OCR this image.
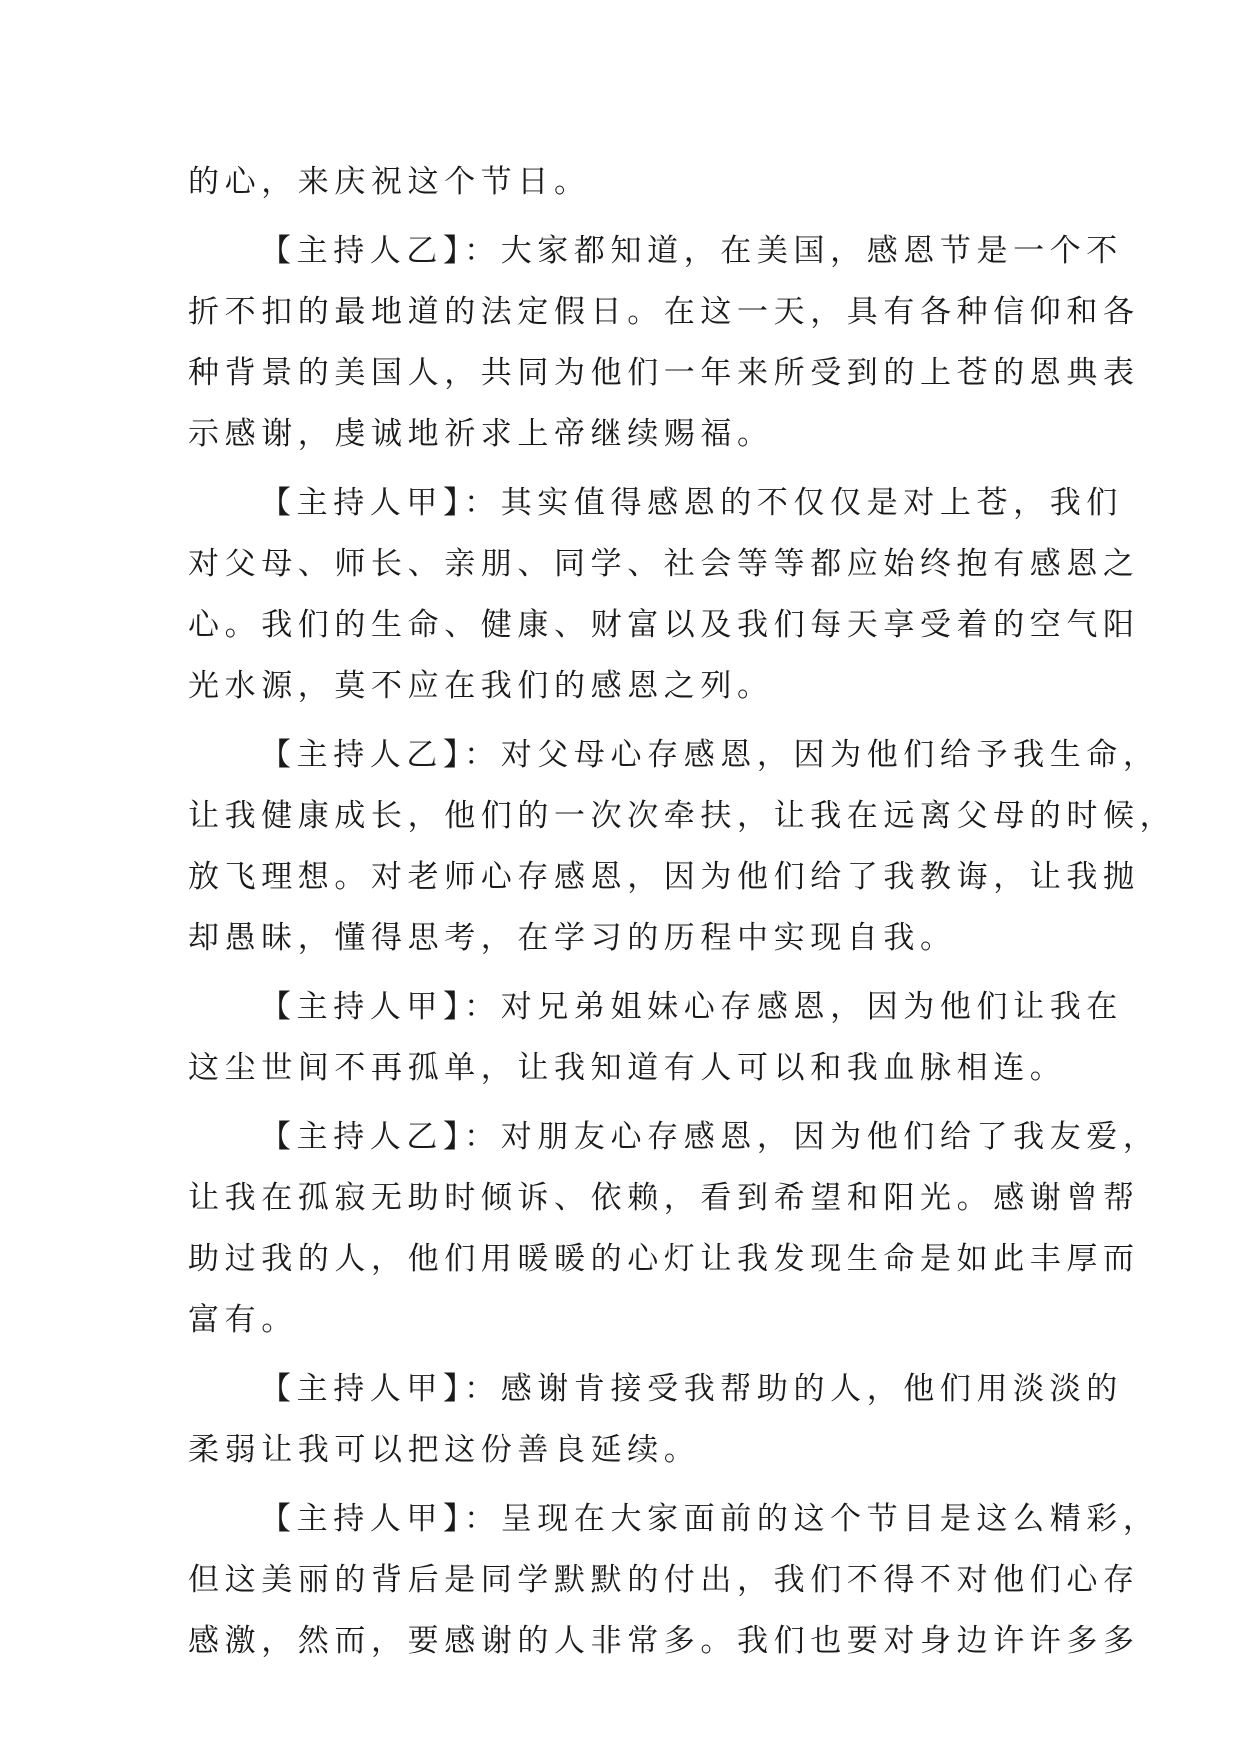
的心，来庆祝这个节日。
【主持人乙】：大家都知道，在美国，感恩节是一个不
折不扣的最地道的法定假日。在这一天，具有各种信仰和各
种背景的美国人，共同为他们一年来所受到的上苍的恩典表
示感谢，虔诚地祈求上帝继续赐福。
【主持人甲】：其实值得感恩的不仅仅是对上苍，我们
对父母、师长、亲朋、同学、社会等等都应始终抱有感恩之
心。我们的生命、健康、财富以及我们每天享受着的空气阳
光水源，莫不应在我们的感恩之列。
【主持人乙】：对父母心存感恩，因为他们给予我生命，
让我健康成长，他们的一次次牵扶，让我在远离父母的时候，
放飞理想。对老师心存感恩，因为他们给了我教诲，让我抛
却愚昧，懂得思考，在学习的历程中实现自我。
【主持人甲】：对兄弟姐妹心存感恩，因为他们让我在
这尘世间不再孤单，让我知道有人可以和我血脉相连。
【主持人乙】：对朋友心存感恩，因为他们给了我友爱，
让我在孤寂无助时倾诉、依赖，看到希望和阳光。感谢曾帮
助过我的人，他们用暖暖的心灯让我发现生命是如此丰厚而
富有。
【主持人甲】：感谢肯接受我帮助的人，他们用淡淡的
柔弱让我可以把这份善良延续。
【主持人甲】：呈现在大家面前的这个节目是这么精彩，
但这美丽的背后是同学默默的付出，我们不得不对他们心存
感激，然而，要感谢的人非常多。我们也要对身边许许多多
